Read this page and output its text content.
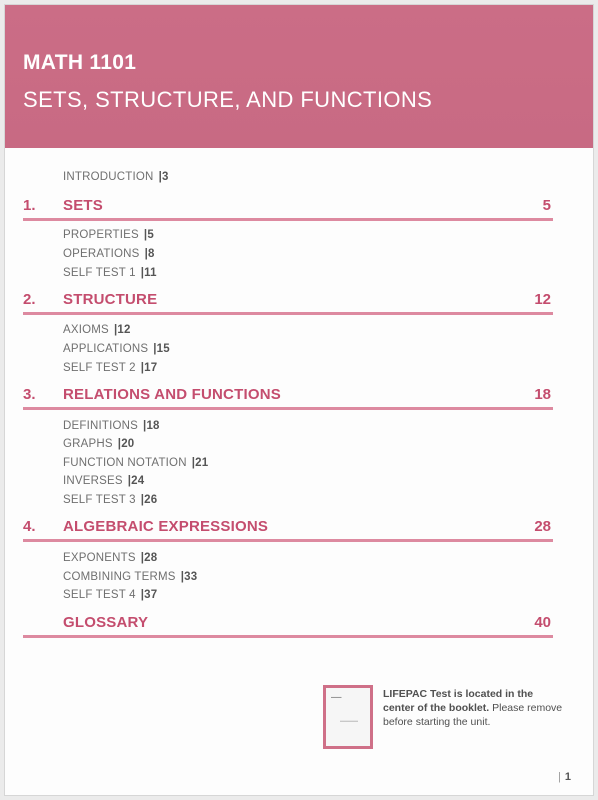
MATH 1101
SETS, STRUCTURE, AND FUNCTIONS
INTRODUCTION |3
1. SETS	5
PROPERTIES |5
OPERATIONS |8
SELF TEST 1 |11
2. STRUCTURE	12
AXIOMS |12
APPLICATIONS |15
SELF TEST 2 |17
3. RELATIONS AND FUNCTIONS	18
DEFINITIONS |18
GRAPHS |20
FUNCTION NOTATION |21
INVERSES |24
SELF TEST 3 |26
4. ALGEBRAIC EXPRESSIONS	28
EXPONENTS |28
COMBINING TERMS |33
SELF TEST 4 |37
GLOSSARY	40
▬▬▬
▬▬▬▬
LIFEPAC Test is located in the center of the booklet. Please remove before starting the unit.
| 1
